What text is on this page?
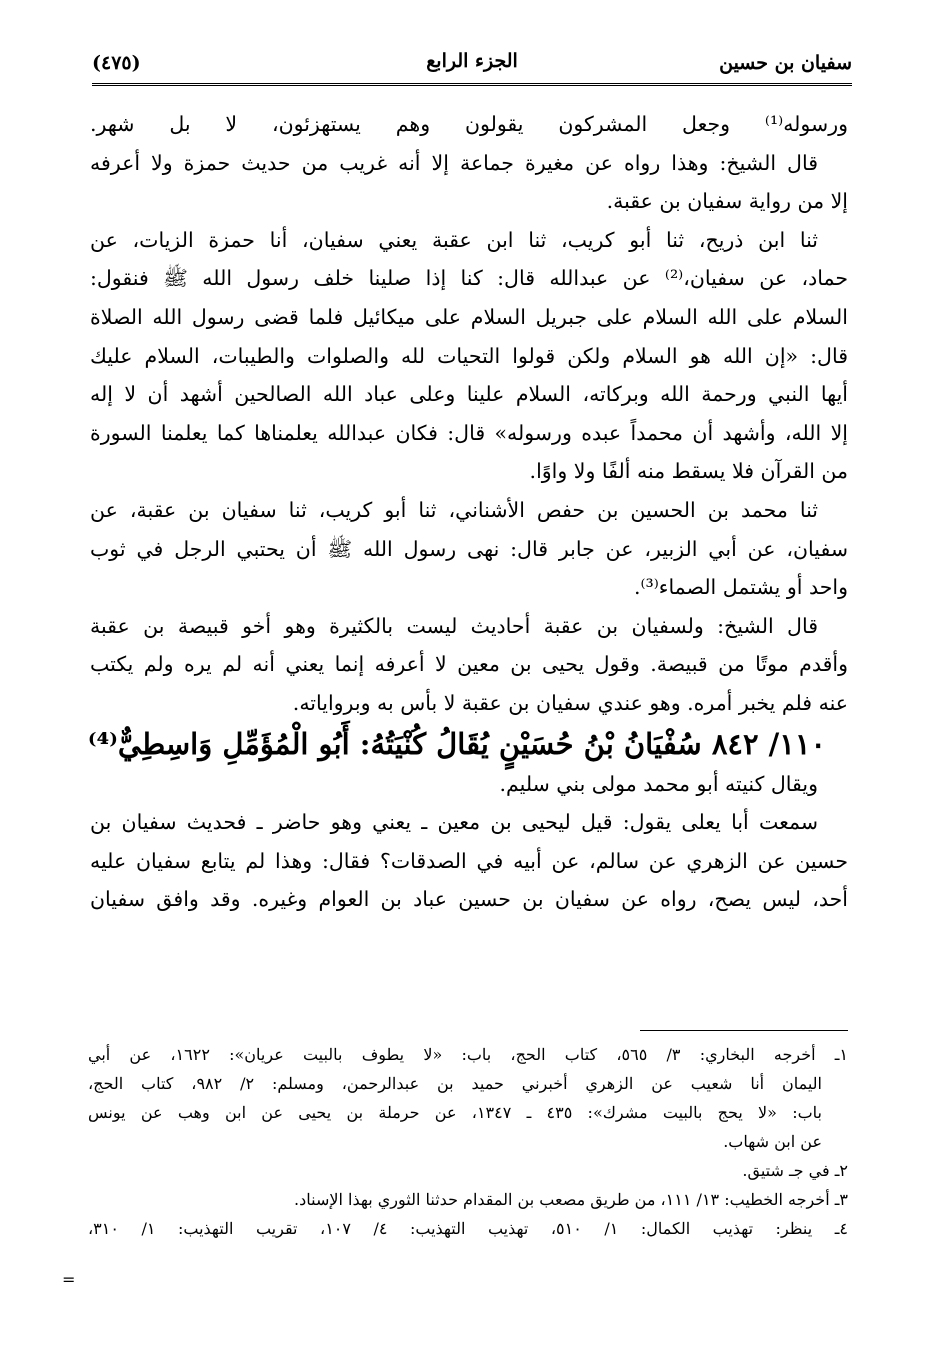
سفيان بن حسين
الجزء الرابع
(٤٧٥)
ورسوله⁽¹⁾ وجعل المشركون يقولون وهم يستهزئون، لا بل شهر.
قال الشيخ: وهذا رواه عن مغيرة جماعة إلا أنه غريب من حديث حمزة ولا أعرفه
إلا من رواية سفيان بن عقبة.
ثنا ابن ذريح، ثنا أبو كريب، ثنا ابن عقبة يعني سفيان، أنا حمزة الزيات، عن
حماد، عن سفيان،⁽²⁾ عن عبدالله قال: كنا إذا صلينا خلف رسول الله ﷺ فنقول:
السلام على الله السلام على جبريل السلام على ميكائيل فلما قضى رسول الله الصلاة
قال: «إن الله هو السلام ولكن قولوا التحيات لله والصلوات والطيبات، السلام عليك
أيها النبي ورحمة الله وبركاته، السلام علينا وعلى عباد الله الصالحين أشهد أن لا إله
إلا الله، وأشهد أن محمداً عبده ورسوله» قال: فكان عبدالله يعلمناها كما يعلمنا السورة
من القرآن فلا يسقط منه ألفًا ولا واوًا.
ثنا محمد بن الحسين بن حفص الأشناني، ثنا أبو كريب، ثنا سفيان بن عقبة، عن
سفيان، عن أبي الزبير، عن جابر قال: نهى رسول الله ﷺ أن يحتبي الرجل في ثوب
واحد أو يشتمل الصماء⁽³⁾.
قال الشيخ: ولسفيان بن عقبة أحاديث ليست بالكثيرة وهو أخو قبيصة بن عقبة
وأقدم موتًا من قبيصة. وقول يحيى بن معين لا أعرفه إنما يعني أنه لم يره ولم يكتب
عنه فلم يخبر أمره. وهو عندي سفيان بن عقبة لا بأس به وبرواياته.
١١٠/ ٨٤٢ سُفْيَانُ بْنُ حُسَيْنٍ يُقَالُ كُنْيَتُهُ: أَبُو الْمُؤَمِّلِ وَاسِطِيٌّ⁽⁴⁾
ويقال كنيته أبو محمد مولى بني سليم.
سمعت أبا يعلى يقول: قيل ليحيى بن معين ـ يعني وهو حاضر ـ فحديث سفيان بن
حسين عن الزهري عن سالم، عن أبيه في الصدقات؟ فقال: وهذا لم يتابع سفيان عليه
أحد، ليس يصح، رواه عن سفيان بن حسين عباد بن العوام وغيره. وقد وافق سفيان
١ـ أخرجه البخاري: ٣/ ٥٦٥، كتاب الحج، باب: «لا يطوف بالبيت عريان»: ١٦٢٢، عن أبي
اليمان أنا شعيب عن الزهري أخبرني حميد بن عبدالرحمن، ومسلم: ٢/ ٩٨٢، كتاب الحج،
باب: «لا يحج بالبيت مشرك»: ٤٣٥ ـ ١٣٤٧، عن حرملة بن يحيى عن ابن وهب عن يونس
عن ابن شهاب.
٢ـ في جـ شتيق.
٣ـ أخرجه الخطيب: ١٣/ ١١١، من طريق مصعب بن المقدام حدثنا الثوري بهذا الإسناد.
٤ـ ينظر: تهذيب الكمال: ١/ ٥١٠، تهذيب التهذيب: ٤/ ١٠٧، تقريب التهذيب: ١/ ٣١٠،
=
